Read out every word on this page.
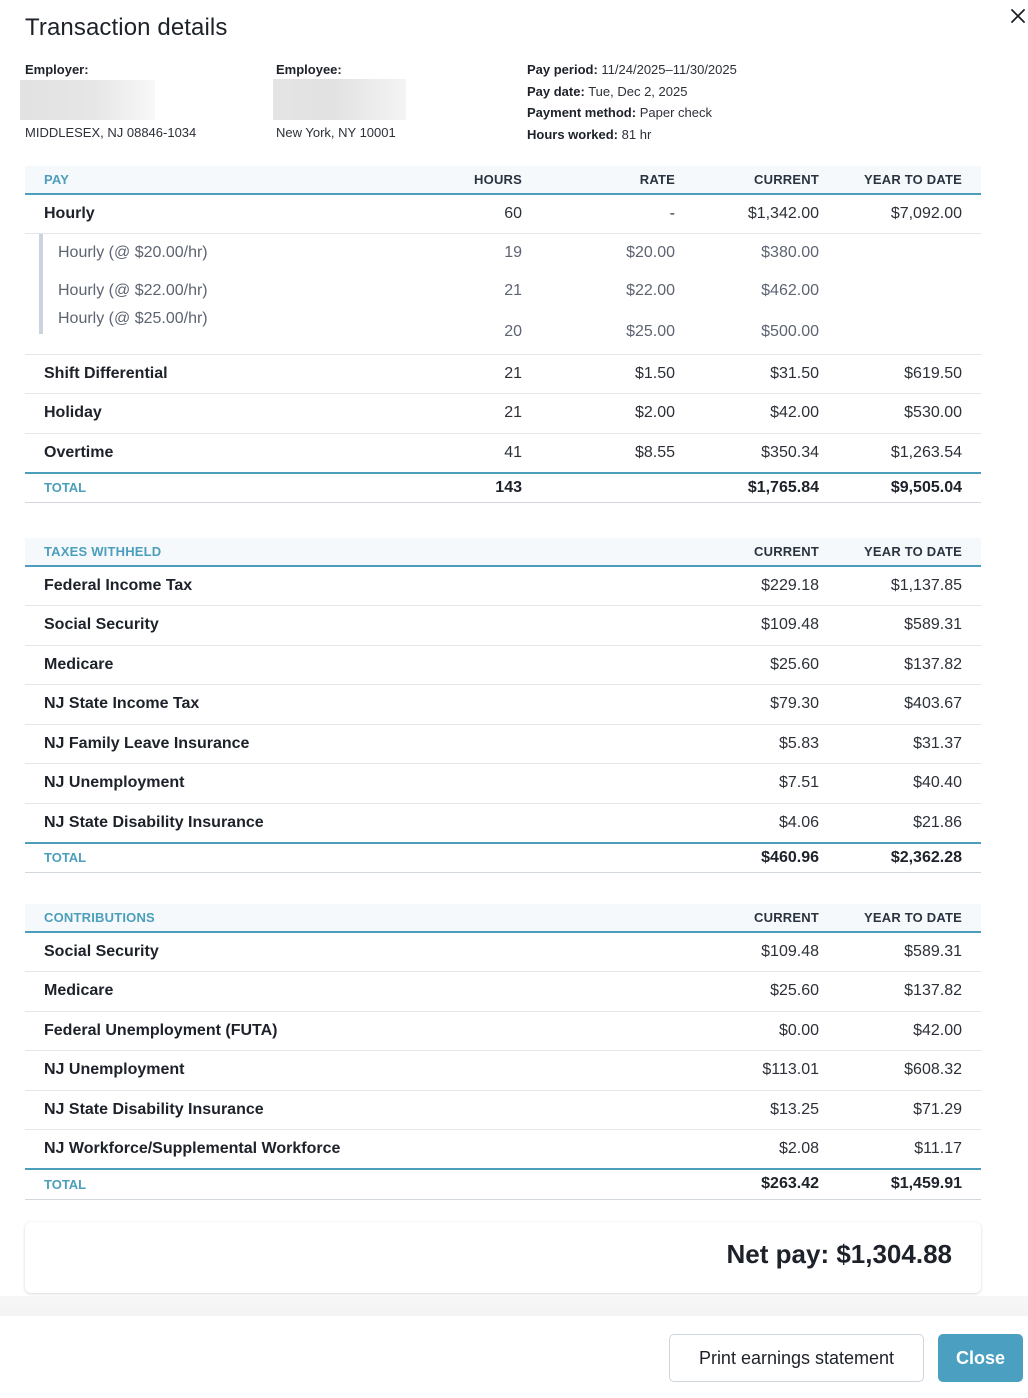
Transaction details
Employer:
MIDDLESEX, NJ 08846-1034
Employee:
New York, NY 10001
Pay period: 11/24/2025–11/30/2025
Pay date: Tue, Dec 2, 2025
Payment method: Paper check
Hours worked: 81 hr
PAY	HOURS	RATE	CURRENT	YEAR TO DATE
Hourly	60	-	$1,342.00	$7,092.00
Hourly (@ $20.00/hr)	19	$20.00	$380.00	
Hourly (@ $22.00/hr)	21	$22.00	$462.00	
Hourly (@ $25.00/hr)	20	$25.00	$500.00	
Shift Differential	21	$1.50	$31.50	$619.50
Holiday	21	$2.00	$42.00	$530.00
Overtime	41	$8.55	$350.34	$1,263.54
TOTAL	143		$1,765.84	$9,505.04
TAXES WITHHELD	CURRENT	YEAR TO DATE
Federal Income Tax	$229.18	$1,137.85
Social Security	$109.48	$589.31
Medicare	$25.60	$137.82
NJ State Income Tax	$79.30	$403.67
NJ Family Leave Insurance	$5.83	$31.37
NJ Unemployment	$7.51	$40.40
NJ State Disability Insurance	$4.06	$21.86
TOTAL	$460.96	$2,362.28
CONTRIBUTIONS	CURRENT	YEAR TO DATE
Social Security	$109.48	$589.31
Medicare	$25.60	$137.82
Federal Unemployment (FUTA)	$0.00	$42.00
NJ Unemployment	$113.01	$608.32
NJ State Disability Insurance	$13.25	$71.29
NJ Workforce/Supplemental Workforce	$2.08	$11.17
TOTAL	$263.42	$1,459.91
Net pay: $1,304.88
Print earnings statement	Close
